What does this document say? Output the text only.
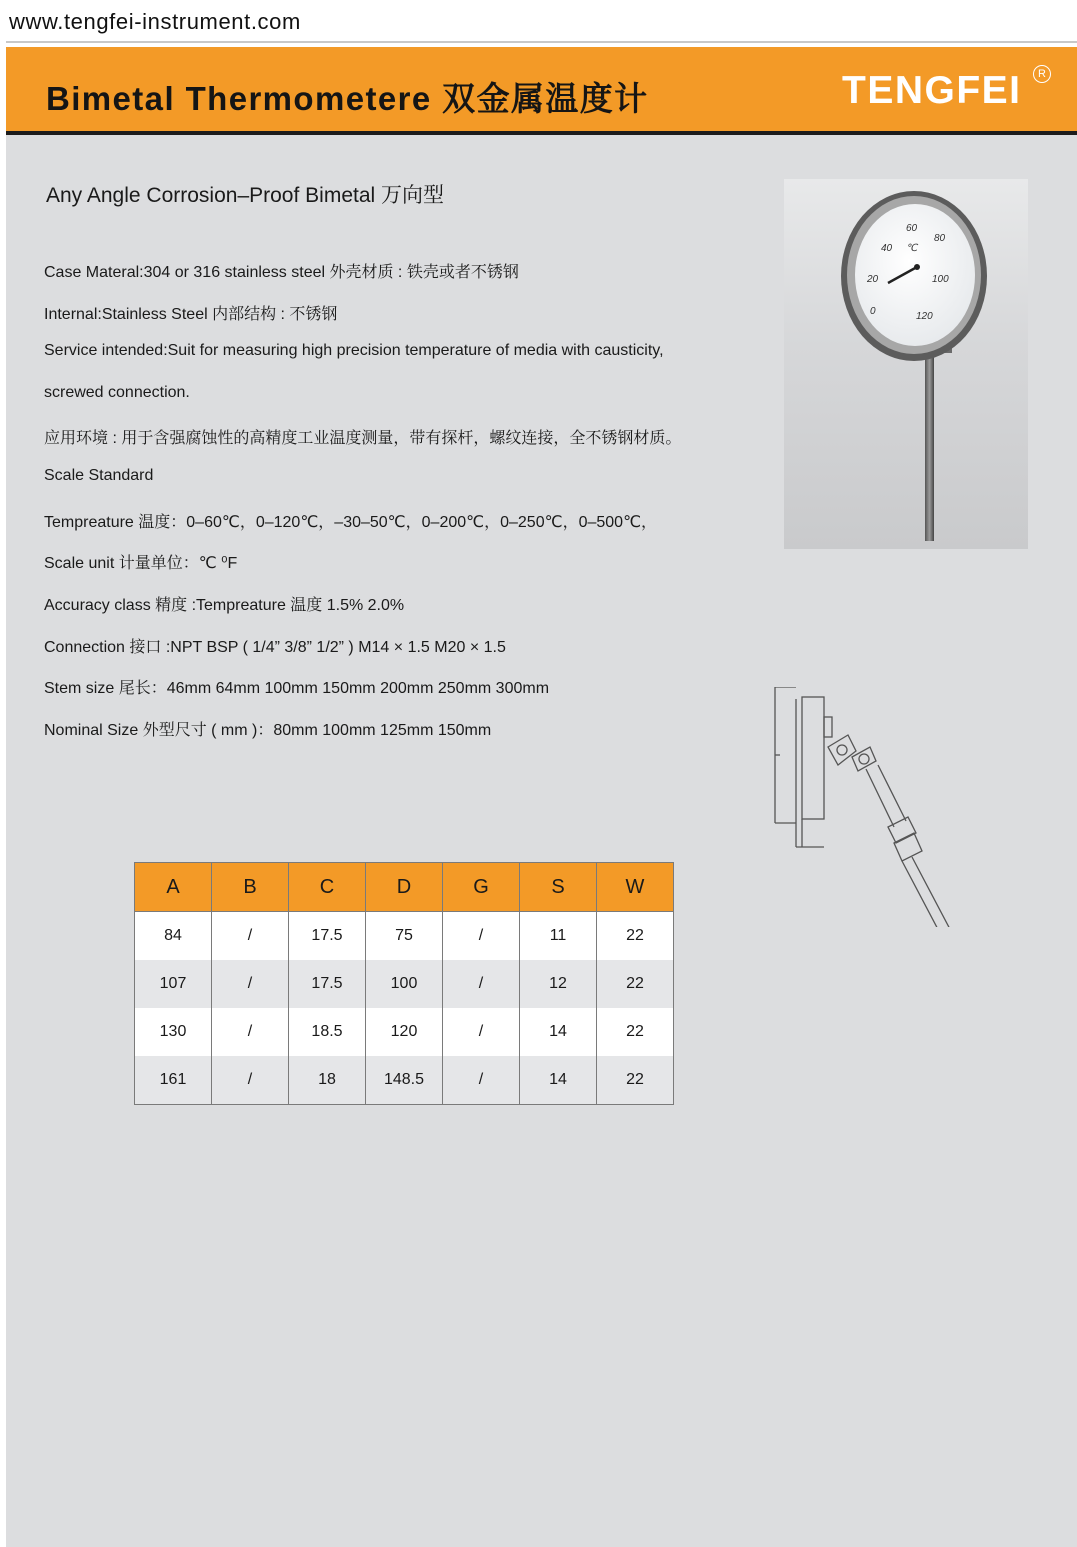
www.tengfei-instrument.com
Bimetal Thermometere 双金属温度计	TENGFEI	R
Any Angle Corrosion–Proof Bimetal 万向型
Case Materal:304 or 316 stainless steel 外壳材质 : 铁壳或者不锈钢
Internal:Stainless Steel 内部结构 : 不锈钢
Service intended:Suit for measuring high precision temperature of media with causticity,
screwed connection.
应用环境 : 用于含强腐蚀性的高精度工业温度测量，带有探杆，螺纹连接，全不锈钢材质。
Scale Standard
Tempreature 温度：0–60℃，0–120℃，–30–50℃，0–200℃，0–250℃，0–500℃，
Scale unit 计量单位：℃ ⁰F
Accuracy class 精度 :Tempreature 温度 1.5% 2.0%
Connection 接口 :NPT BSP ( 1/4” 3/8” 1/2” ) M14 × 1.5 M20 × 1.5
Stem size 尾长：46mm 64mm 100mm 150mm 200mm 250mm 300mm
Nominal Size 外型尺寸 ( mm )：80mm 100mm 125mm 150mm
0
20
40
60
80
100
120
℃
A	B	C	D	G	S	W
84	/	17.5	75	/	11	22
107	/	17.5	100	/	12	22
130	/	18.5	120	/	14	22
161	/	18	148.5	/	14	22
